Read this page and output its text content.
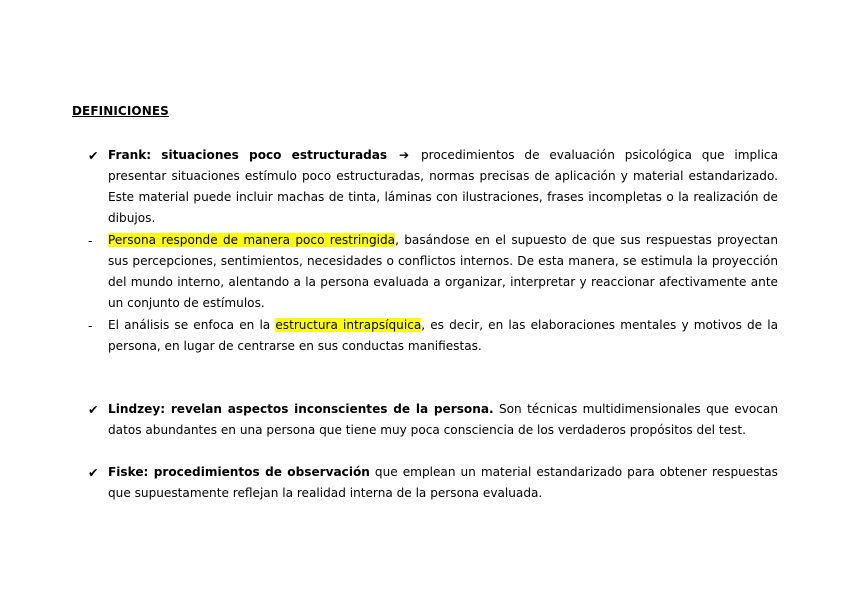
DEFINICIONES
✔ Frank: situaciones poco estructuradas ➔ procedimientos de evaluación psicológica que implica presentar situaciones estímulo poco estructuradas, normas precisas de aplicación y material estandarizado. Este material puede incluir machas de tinta, láminas con ilustraciones, frases incompletas o la realización de dibujos.
-	Persona responde de manera poco restringida, basándose en el supuesto de que sus respuestas proyectan sus percepciones, sentimientos, necesidades o conflictos internos. De esta manera, se estimula la proyección del mundo interno, alentando a la persona evaluada a organizar, interpretar y reaccionar afectivamente ante un conjunto de estímulos.
-	El análisis se enfoca en la estructura intrapsíquica, es decir, en las elaboraciones mentales y motivos de la persona, en lugar de centrarse en sus conductas manifiestas.
✔ Lindzey: revelan aspectos inconscientes de la persona. Son técnicas multidimensionales que evocan datos abundantes en una persona que tiene muy poca consciencia de los verdaderos propósitos del test.
✔ Fiske: procedimientos de observación que emplean un material estandarizado para obtener respuestas que supuestamente reflejan la realidad interna de la persona evaluada.
